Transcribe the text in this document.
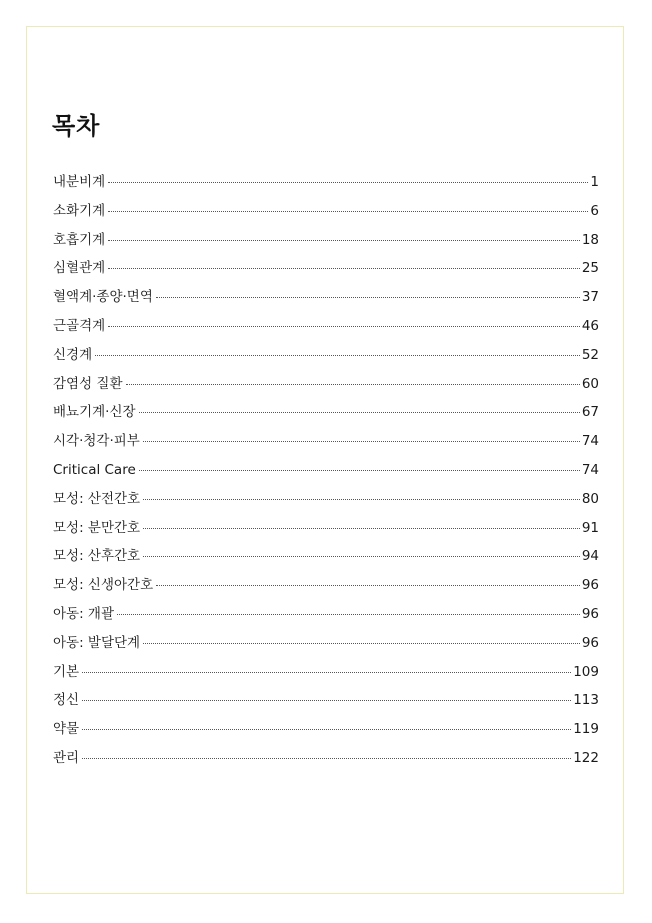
목차
내분비계	1
소화기계	6
호흡기계	18
심혈관계	25
혈액계·종양·면역	37
근골격계	46
신경계	52
감염성 질환	60
배뇨기계·신장	67
시각·청각·피부	74
Critical Care	74
모성: 산전간호	80
모성: 분만간호	91
모성: 산후간호	94
모성: 신생아간호	96
아동: 개괄	96
아동: 발달단계	96
기본	109
정신	113
약물	119
관리	122
